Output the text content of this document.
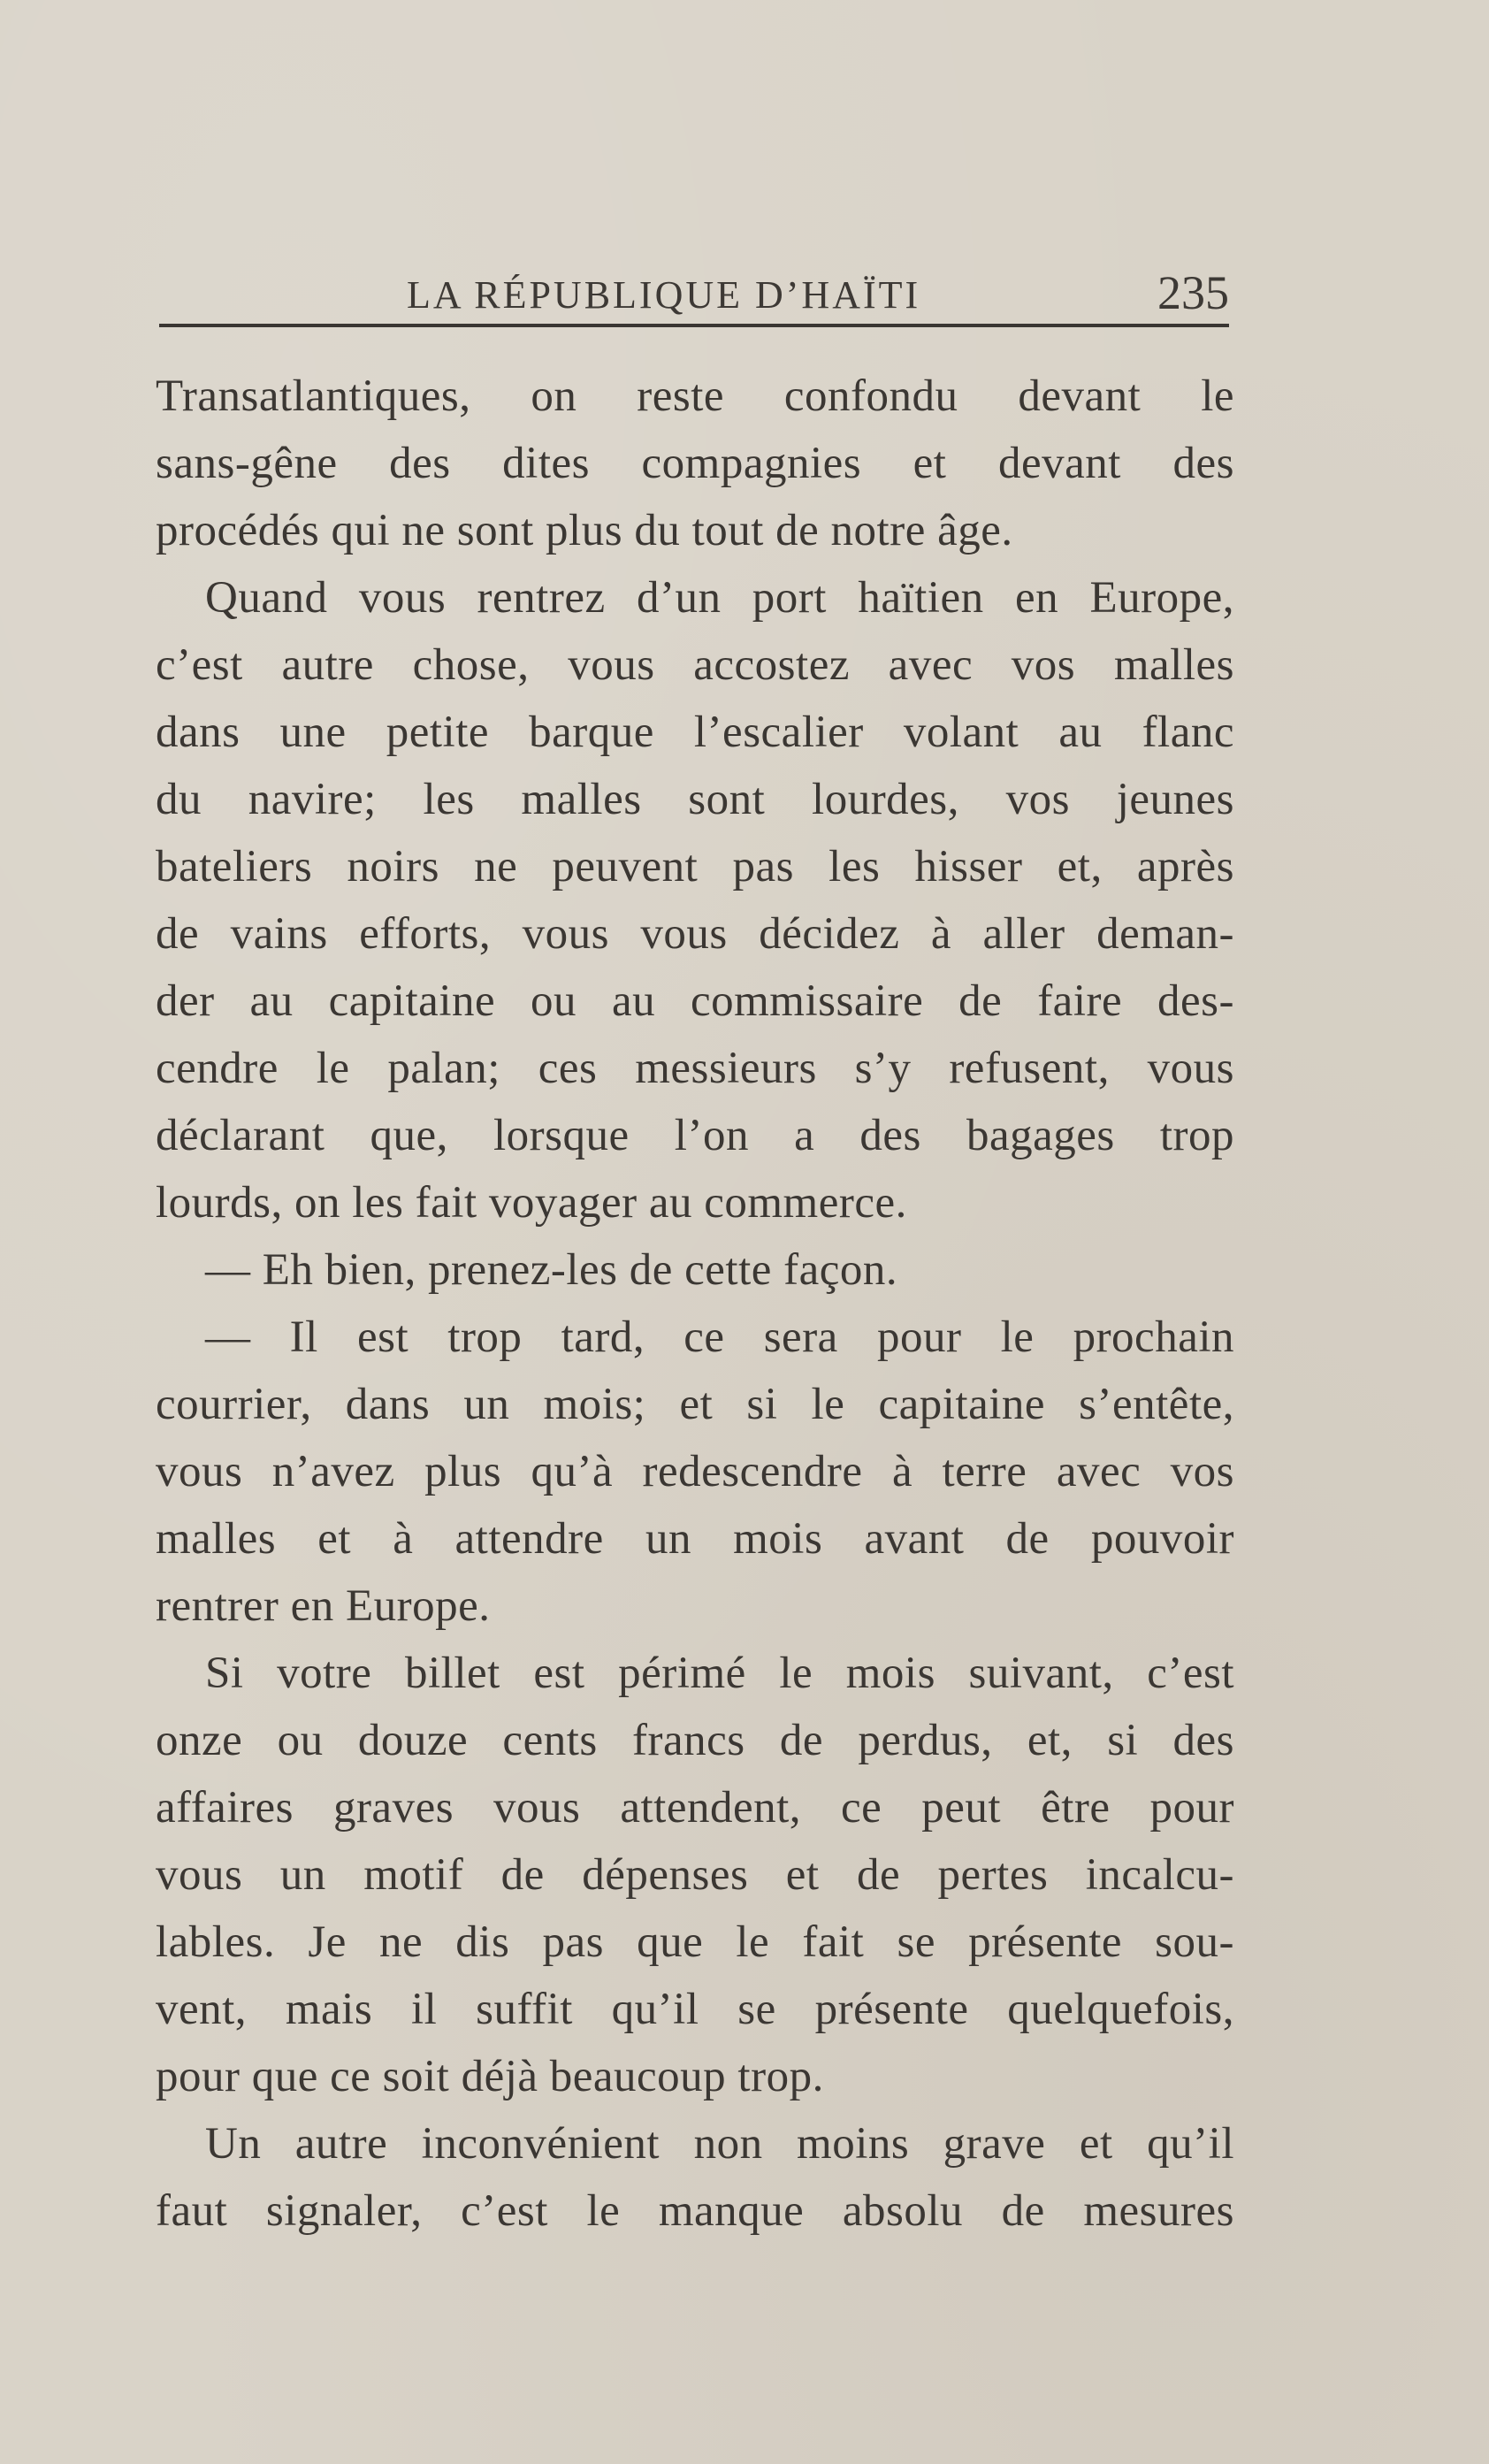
LA RÉPUBLIQUE D’HAÏTI	235
Transatlantiques, on reste confondu devant le
sans-gêne des dites compagnies et devant des
procédés qui ne sont plus du tout de notre âge.
Quand vous rentrez d’un port haïtien en Europe,
c’est autre chose, vous accostez avec vos malles
dans une petite barque l’escalier volant au flanc
du navire; les malles sont lourdes, vos jeunes
bateliers noirs ne peuvent pas les hisser et, après
de vains efforts, vous vous décidez à aller deman-
der au capitaine ou au commissaire de faire des-
cendre le palan; ces messieurs s’y refusent, vous
déclarant que, lorsque l’on a des bagages trop
lourds, on les fait voyager au commerce.
— Eh bien, prenez-les de cette façon.
— Il est trop tard, ce sera pour le prochain
courrier, dans un mois; et si le capitaine s’entête,
vous n’avez plus qu’à redescendre à terre avec vos
malles et à attendre un mois avant de pouvoir
rentrer en Europe.
Si votre billet est périmé le mois suivant, c’est
onze ou douze cents francs de perdus, et, si des
affaires graves vous attendent, ce peut être pour
vous un motif de dépenses et de pertes incalcu-
lables. Je ne dis pas que le fait se présente sou-
vent, mais il suffit qu’il se présente quelquefois,
pour que ce soit déjà beaucoup trop.
Un autre inconvénient non moins grave et qu’il
faut signaler, c’est le manque absolu de mesures
